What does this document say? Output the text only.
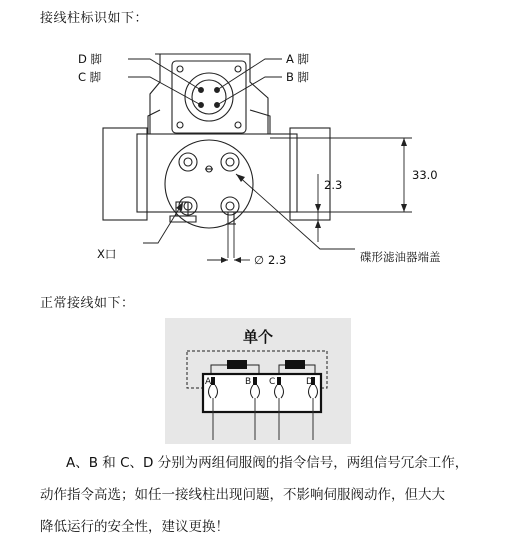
接线柱标识如下：
D 脚
C 脚
A 脚
B 脚
33.0
2.3
∅ 2.3
X口	碟形滤油器端盖
正常接线如下：
单个
A	B C	D
A、B 和 C、D 分别为两组伺服阀的指令信号，两组信号冗余工作，
动作指令高选；如任一接线柱出现问题，不影响伺服阀动作，但大大
降低运行的安全性，建议更换！
